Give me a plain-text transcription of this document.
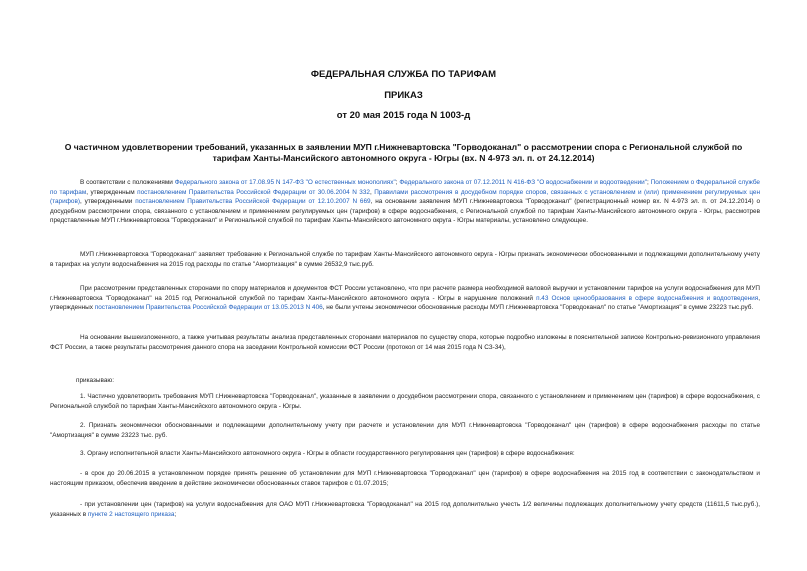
ФЕДЕРАЛЬНАЯ СЛУЖБА ПО ТАРИФАМ
ПРИКАЗ
от 20 мая 2015 года N 1003-д
О частичном удовлетворении требований, указанных в заявлении МУП г.Нижневартовска "Горводоканал" о рассмотрении спора с Региональной службой по тарифам Ханты-Мансийского автономного округа - Югры (вх. N 4-973 эл. п. от 24.12.2014)
В соответствии с положениями Федерального закона от 17.08.95 N 147-ФЗ "О естественных монополиях"; Федерального закона от 07.12.2011 N 416-ФЗ "О водоснабжении и водоотведении"; Положением о Федеральной службе по тарифам, утвержденным постановлением Правительства Российской Федерации от 30.06.2004 N 332, Правилами рассмотрения в досудебном порядке споров, связанных с установлением и (или) применением регулируемых цен (тарифов), утвержденными постановлением Правительства Российской Федерации от 12.10.2007 N 669, на основании заявления МУП г.Нижневартовска "Горводоканал" (регистрационный номер вх. N 4-973 эл. п. от 24.12.2014) о досудебном рассмотрении спора, связанного с установлением и применением регулируемых цен (тарифов) в сфере водоснабжения, с Региональной службой по тарифам Ханты-Мансийского автономного округа - Югры, рассмотрев представленные МУП г.Нижневартовска "Горводоканал" и Региональной службой по тарифам Ханты-Мансийского автономного округа - Югры материалы, установлено следующее.
МУП г.Нижневартовска "Горводоканал" заявляет требование к Региональной службе по тарифам Ханты-Мансийского автономного округа - Югры признать экономически обоснованными и подлежащими дополнительному учету в тарифах на услуги водоснабжения на 2015 год расходы по статье "Амортизация" в сумме 26532,9 тыс.руб.
При рассмотрении представленных сторонами по спору материалов и документов ФСТ России установлено, что при расчете размера необходимой валовой выручки и установлении тарифов на услуги водоснабжения для МУП г.Нижневартовска "Горводоканал" на 2015 год Региональной службой по тарифам Ханты-Мансийского автономного округа - Югры в нарушение положений п.43 Основ ценообразования в сфере водоснабжения и водоотведения, утвержденных постановлением Правительства Российской Федерации от 13.05.2013 N 406, не были учтены экономически обоснованные расходы МУП г.Нижневартовска "Горводоканал" по статье "Амортизация" в сумме 23223 тыс.руб.
На основании вышеизложенного, а также учитывая результаты анализа представленных сторонами материалов по существу спора, которые подробно изложены в пояснительной записке Контрольно-ревизионного управления ФСТ России, а также результаты рассмотрения данного спора на заседании Контрольной комиссии ФСТ России (протокол от 14 мая 2015 года N СЗ-34),
приказываю:
1. Частично удовлетворить требования МУП г.Нижневартовска "Горводоканал", указанные в заявлении о досудебном рассмотрении спора, связанного с установлением и применением цен (тарифов) в сфере водоснабжения, с Региональной службой по тарифам Ханты-Мансийского автономного округа - Югры.
2. Признать экономически обоснованными и подлежащими дополнительному учету при расчете и установлении для МУП г.Нижневартовска "Горводоканал" цен (тарифов) в сфере водоснабжения расходы по статье "Амортизация" в сумме 23223 тыс. руб.
3. Органу исполнительной власти Ханты-Мансийского автономного округа - Югры в области государственного регулирования цен (тарифов) в сфере водоснабжения:
- в срок до 20.06.2015 в установленном порядке принять решение об установлении для МУП г.Нижневартовска "Горводоканал" цен (тарифов) в сфере водоснабжения на 2015 год в соответствии с законодательством и настоящим приказом, обеспечив введение в действие экономически обоснованных ставок тарифов с 01.07.2015;
- при установлении цен (тарифов) на услуги водоснабжения для ОАО МУП г.Нижневартовска "Горводоканал" на 2015 год дополнительно учесть 1/2 величины подлежащих дополнительному учету средств (11611,5 тыс.руб.), указанных в пункте 2 настоящего приказа;
